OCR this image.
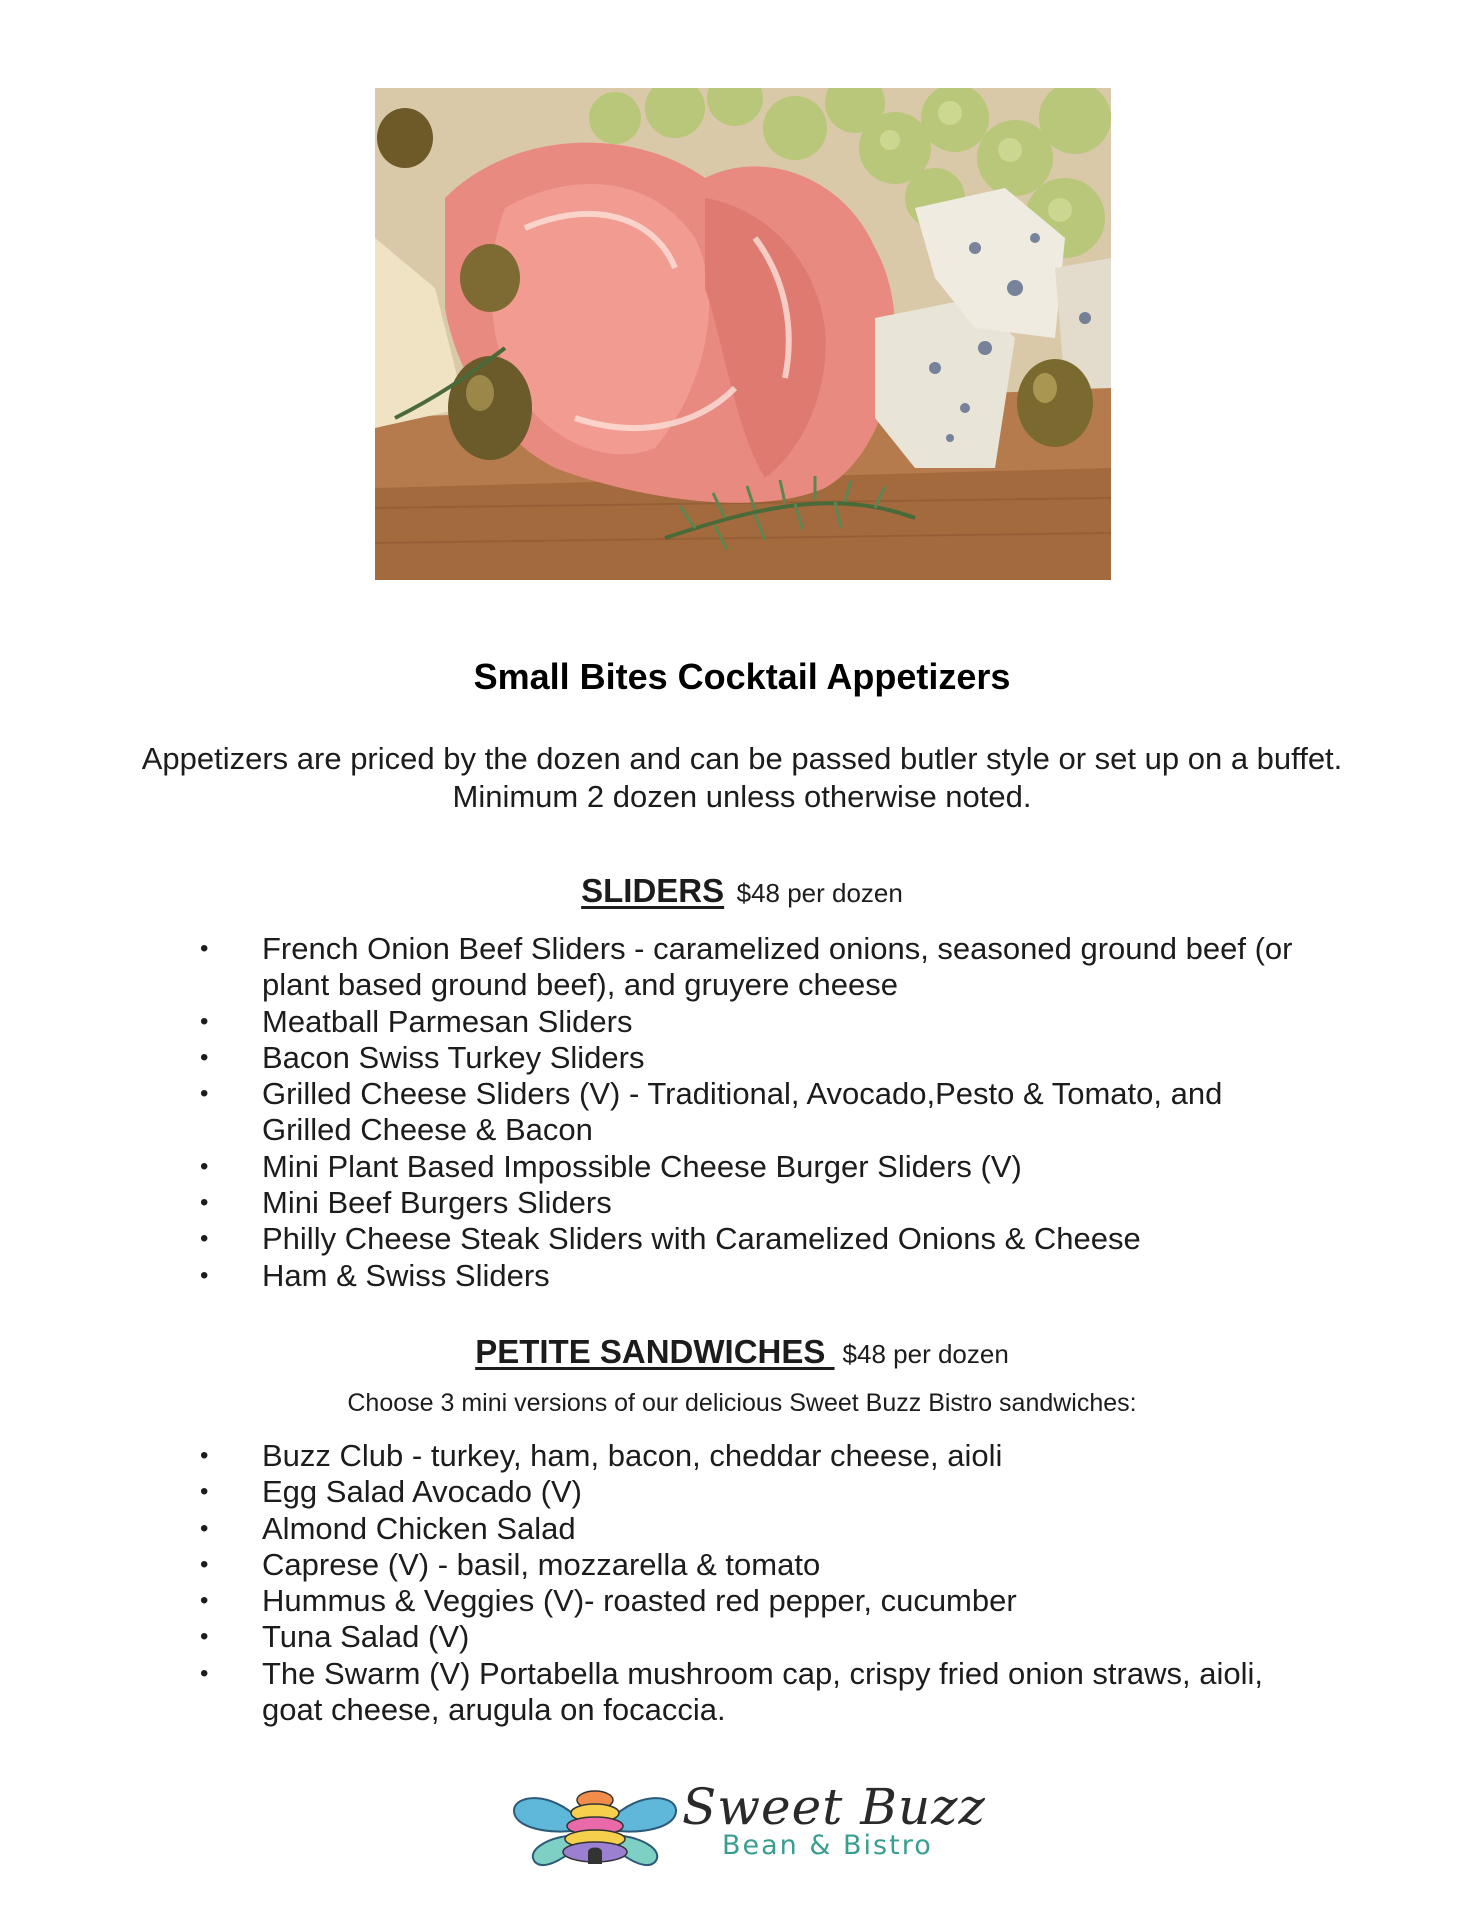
Small Bites Cocktail Appetizers
Appetizers are priced by the dozen and can be passed butler style or set up on a buffet. Minimum 2 dozen unless otherwise noted.
SLIDERS $48 per dozen
• French Onion Beef Sliders - caramelized onions, seasoned ground beef (or plant based ground beef), and gruyere cheese
• Meatball Parmesan Sliders
• Bacon Swiss Turkey Sliders
• Grilled Cheese Sliders (V) - Traditional, Avocado,Pesto & Tomato, and Grilled Cheese & Bacon
• Mini Plant Based Impossible Cheese Burger Sliders (V)
• Mini Beef Burgers Sliders
• Philly Cheese Steak Sliders with Caramelized Onions & Cheese
• Ham & Swiss Sliders
PETITE SANDWICHES $48 per dozen
Choose 3 mini versions of our delicious Sweet Buzz Bistro sandwiches:
• Buzz Club - turkey, ham, bacon, cheddar cheese, aioli
• Egg Salad Avocado (V)
• Almond Chicken Salad
• Caprese (V) - basil, mozzarella & tomato
• Hummus & Veggies (V)- roasted red pepper, cucumber
• Tuna Salad (V)
• The Swarm (V) Portabella mushroom cap, crispy fried onion straws, aioli, goat cheese, arugula on focaccia.
Sweet Buzz
Bean & Bistro
